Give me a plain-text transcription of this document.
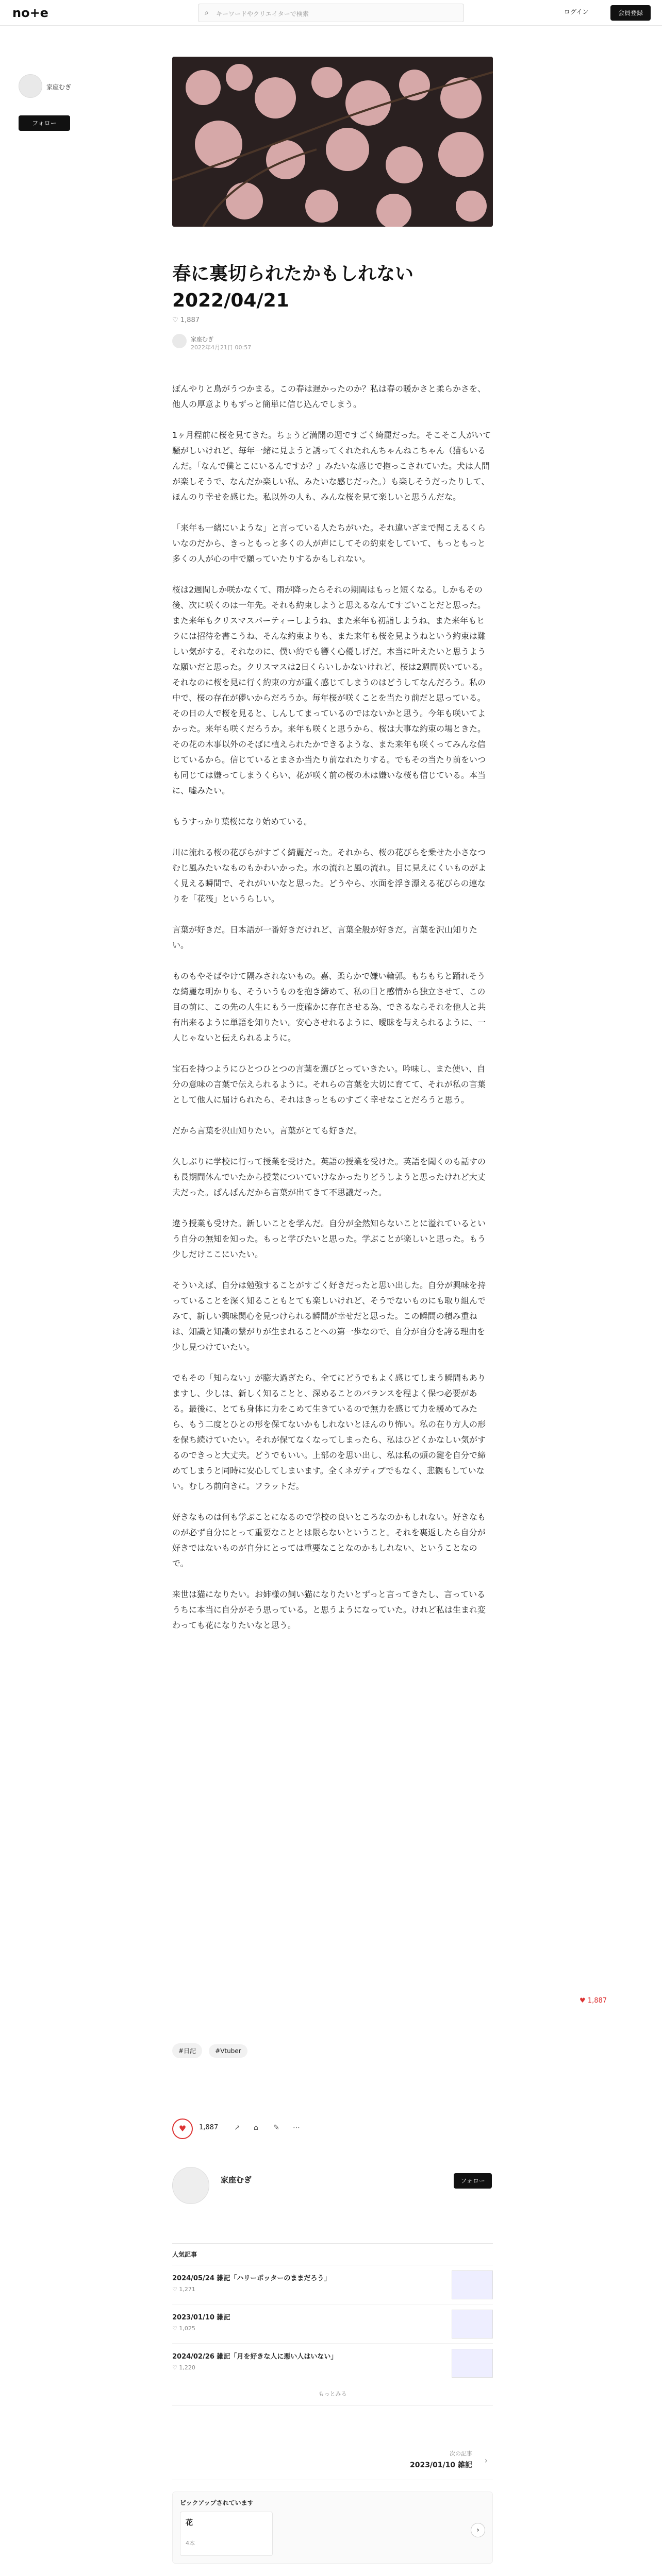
no+e	⌕ キーワードやクリエイターで検索	ログイン	会員登録
家座むぎ
フォロー
春に裏切られたかもしれない 2022/04/21
♡ 1,887
家座むぎ
2022年4月21日 00:57

ぼんやりと鳥がうつかまる。この春は遅かったのか？私は春の暖かさと柔らかさを、他人の厚意よりもずっと簡単に信じ込んでしまう。

1ヶ月程前に桜を見てきた。ちょうど満開の週ですごく綺麗だった。そこそこ人がいて騒がしいけれど、毎年一緒に見ようと誘ってくれたれんちゃんねこちゃん（猫もいるんだ。「なんで僕とこにいるんですか？」みたいな感じで抱っこされていた。犬は人間が楽しそうで、なんだか楽しい私、みたいな感じだった。）も楽しそうだったりして、ほんのり幸せを感じた。私以外の人も、みんな桜を見て楽しいと思うんだな。

「来年も一緒にいような」と言っている人たちがいた。それ違いざまで聞こえるくらいなのだから、きっともっと多くの人が声にしてその約束をしていて、もっともっと多くの人が心の中で願っていたりするかもしれない。

桜は2週間しか咲かなくて、雨が降ったらそれの期間はもっと短くなる。しかもその後、次に咲くのは一年先。それも約束しようと思えるなんてすごいことだと思った。また来年もクリスマスパーティーしようね、また来年も初詣しようね、また来年もヒラには招待を書こうね、そんな約束よりも、また来年も桜を見ようねという約束は難しい気がする。それなのに、僕い約でも響く心優しげだ。本当に叶えたいと思うような願いだと思った。クリスマスは2日くらいしかないけれど、桜は2週間咲いている。それなのに桜を見に行く約束の方が重く感じてしまうのはどうしてなんだろう。私の中で、桜の存在が儚いからだろうか。毎年桜が咲くことを当たり前だと思っている。その日の人で桜を見ると、しんしてまっているのではないかと思う。今年も咲いてよかった。来年も咲くだろうか。来年も咲くと思うから、桜は大事な約束の場ときた。その花の木事以外のそばに植えられたかできるような、また来年も咲くってみんな信じているから。信じているとまさか当たり前なれたりする。でもその当たり前をいつも同じては嫌ってしまうくらい、花が咲く前の桜の木は嫌いな桜も信じている。本当に、嘘みたい。

もうすっかり葉桜になり始めている。

川に流れる桜の花びらがすごく綺麗だった。それから、桜の花びらを乗せた小さなつむじ風みたいなものもかわいかった。水の流れと風の流れ。目に見えにくいものがよく見える瞬間で、それがいいなと思った。どうやら、水面を浮き漂える花びらの連なりを「花筏」というらしい。

言葉が好きだ。日本語が一番好きだけれど、言葉全般が好きだ。言葉を沢山知りたい。

ものもやそばやけて隔みされないもの。嘉、柔らかで嫌い輪郭。もちもちと踊れそうな綺麗な明かりも、そういうものを抱き締めて、私の目と感情から独立させて、この目の前に、この先の人生にもう一度確かに存在させる為、できるならそれを他人と共有出来るように単語を知りたい。安心させれるように、曖昧を与えられるように、一人じゃないと伝えられるように。

宝石を持つようにひとつひとつの言葉を選びとっていきたい。吟味し、また使い、自分の意味の言葉で伝えられるように。それらの言葉を大切に育てて、それが私の言葉として他人に届けられたら、それはきっとものすごく幸せなことだろうと思う。

だから言葉を沢山知りたい。言葉がとても好きだ。

久しぶりに学校に行って授業を受けた。英語の授業を受けた。英語を聞くのも話すのも長期間休んでいたから授業についていけなかったりどうしようと思ったけれど大丈夫だった。ぱんぱんだから言葉が出てきて不思議だった。

違う授業も受けた。新しいことを学んだ。自分が全然知らないことに溢れているという自分の無知を知った。もっと学びたいと思った。学ぶことが楽しいと思った。もう少しだけここにいたい。

そういえば、自分は勉強することがすごく好きだったと思い出した。自分が興味を持っていることを深く知ることもとても楽しいけれど、そうでないものにも取り組んでみて、新しい興味関心を見つけられる瞬間が幸せだと思った。この瞬間の積み重ねは、知識と知識の繋がりが生まれることへの第一歩なので、自分が自分を誇る理由を少し見つけていたい。

でもその「知らない」が膨大過ぎたら、全てにどうでもよく感じてしまう瞬間もありますし、少しは、新しく知ることと、深めることのバランスを程よく保つ必要がある。最後に、とても身体に力をこめて生きているので無力を感じて力を緩めてみたら、もう二度とひとの形を保てないかもしれないとほんのり怖い。私の在り方人の形を保ち続けていたい。それが保てなくなってしまったら、私はひどくかなしい気がするのできっと大丈夫。どうでもいい。上部のを思い出し、私は私の頭の鍵を自分で締めてしまうと同時に安心してしまいます。全くネガティブでもなく、悲観もしていない。むしろ前向きに。フラットだ。

好きなものは何も学ぶことになるので学校の良いところなのかもしれない。好きなものが必ず自分にとって重要なこととは限らないということ。それを裏返したら自分が好きではないものが自分にとっては重要なことなのかもしれない、ということなので。

来世は猫になりたい。お姉様の飼い猫になりたいとずっと言ってきたし、言っているうちに本当に自分がそう思っている。と思うようになっていた。けれど私は生まれ変わっても花になりたいなと思う。

♥ 1,887
#日記	#Vtuber
♥	1,887 ↗ ⌂ ✎ ⋯
家座むぎ	フォロー
人気記事
2024/05/24 雑記「ハリーポッターのままだろう」
♡ 1,271
2023/01/10 雑記
♡ 1,025
2024/02/26 雑記「月を好きな人に悪い人はいない」
♡ 1,220
もっとみる
次の記事
2023/01/10 雑記 ›
ピックアップされています
花
4本
›
